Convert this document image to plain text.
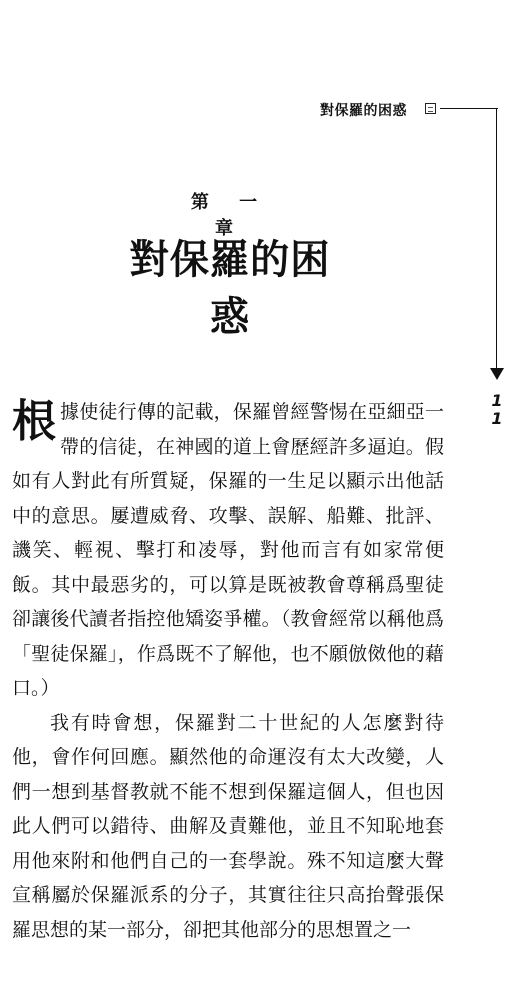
對保羅的困惑
11
第 一 章
對保羅的困惑

根據使徒行傳的記載，保羅曾經警惕在亞細亞一帶的信徒，在神國的道上會歷經許多逼迫。假如有人對此有所質疑，保羅的一生足以顯示出他話中的意思。屢遭威脅、攻擊、誤解、船難、批評、譏笑、輕視、擊打和凌辱，對他而言有如家常便飯。其中最惡劣的，可以算是既被教會尊稱爲聖徒卻讓後代讀者指控他矯姿爭權。（教會經常以稱他爲「聖徒保羅」，作爲既不了解他，也不願倣傚他的藉口。）

我有時會想，保羅對二十世紀的人怎麼對待他，會作何回應。顯然他的命運沒有太大改變，人們一想到基督教就不能不想到保羅這個人，但也因此人們可以錯待、曲解及責難他，並且不知恥地套用他來附和他們自己的一套學說。殊不知這麼大聲宣稱屬於保羅派系的分子，其實往往只高抬聲張保羅思想的某一部分，卻把其他部分的思想置之一
